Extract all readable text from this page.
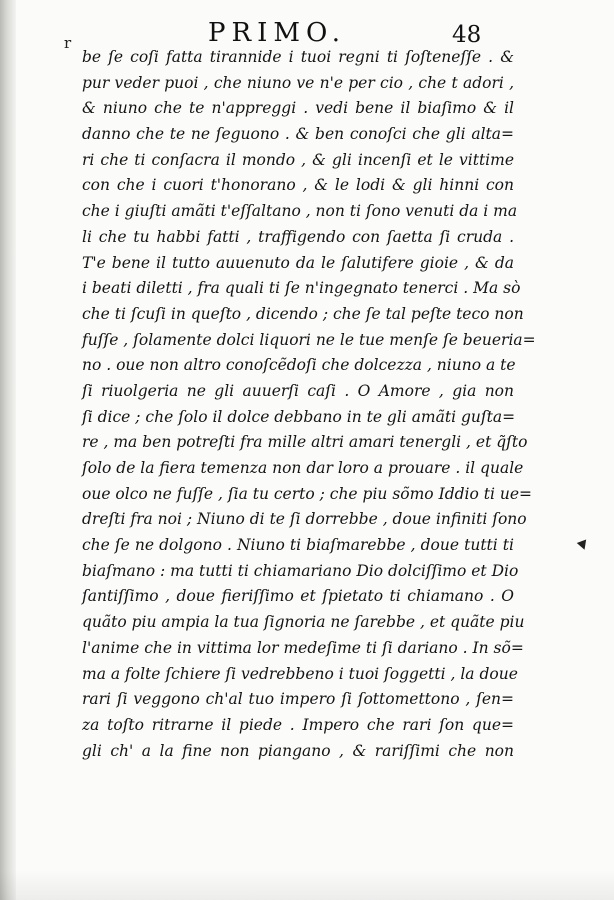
r	PRIMO.	48
be ſe coſi fatta tirannide i tuoi regni ti ſoſteneſſe . &
pur veder puoi , che niuno ve n'e per cio , che t adori ,
& niuno che te n'appreggi . vedi bene il biaſimo & il
danno che te ne ſeguono . & ben conoſci che gli alta=
ri che ti conſacra il mondo , & gli incenſi et le vittime
con che i cuori t'honorano , & le lodi & gli hinni con
che i giuſti amãti t'eſſaltano , non ti ſono venuti da i ma
li che tu habbi fatti , traffigendo con ſaetta ſi cruda .
T'e bene il tutto auuenuto da le ſalutifere gioie , & da
i beati diletti , fra quali ti ſe n'ingegnato tenerci . Ma sò
che ti ſcuſi in queſto , dicendo ; che ſe tal peſte teco non
fuſſe , ſolamente dolci liquori ne le tue menſe ſe beueria=
no . oue non altro conoſcẽdoſi che dolcezza , niuno a te
ſi riuolgeria ne gli auuerſi caſi . O Amore , gia non
ſi dice ; che ſolo il dolce debbano in te gli amãti guſta=
re , ma ben potreſti fra mille altri amari tenergli , et q̃ſto
ſolo de la fiera temenza non dar loro a prouare . il quale
oue olco ne fuſſe , ſia tu certo ; che piu sõmo Iddio ti ue=
dreſti fra noi ; Niuno di te ſi dorrebbe , doue infiniti ſono
che ſe ne dolgono . Niuno ti biaſmarebbe , doue tutti ti
biaſmano : ma tutti ti chiamariano Dio dolciſſimo et Dio
ſantiſſimo , doue fieriſſimo et ſpietato ti chiamano . O
quãto piu ampia la tua ſignoria ne ſarebbe , et quãte piu
l'anime che in vittima lor medeſime ti ſi dariano . In sõ=
ma a folte ſchiere ſi vedrebbeno i tuoi ſoggetti , la doue
rari ſi veggono ch'al tuo impero ſi ſottomettono , ſen=
za toſto ritrarne il piede . Impero che rari ſon que=
gli ch' a la fine non piangano , & rariſſimi che non
